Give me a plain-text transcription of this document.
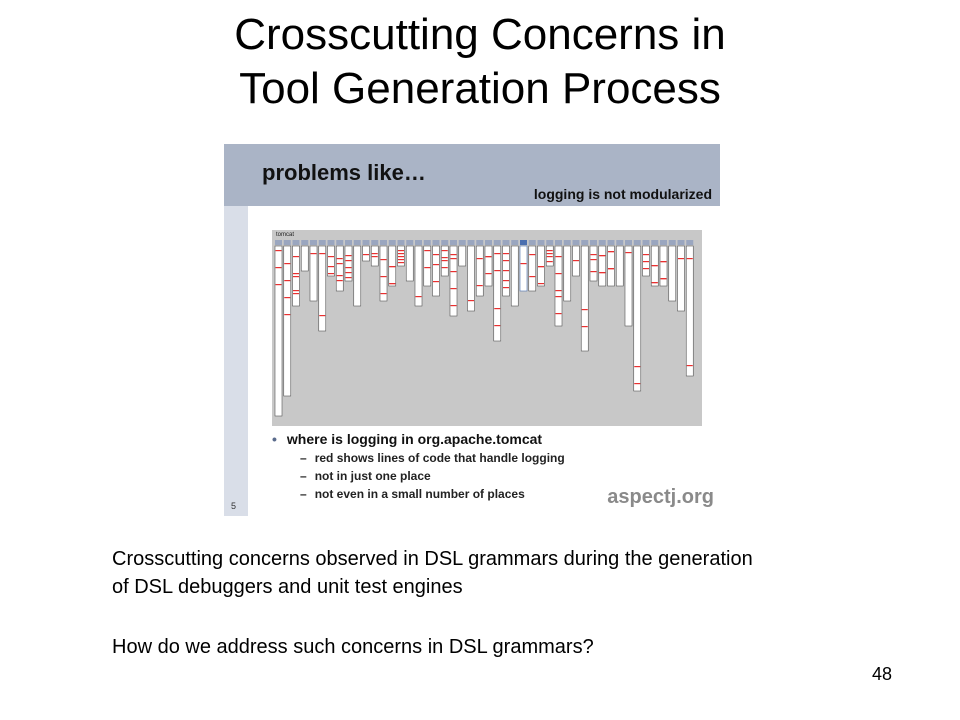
Crosscutting Concerns in
Tool Generation Process
problems like…
logging is not modularized
tomcat
• where is logging in org.apache.tomcat
– red shows lines of code that handle logging
– not in just one place
– not even in a small number of places
5	aspectj.org
Crosscutting concerns observed in DSL grammars during the generation
of DSL debuggers and unit test engines
How do we address such concerns in DSL grammars?
48
